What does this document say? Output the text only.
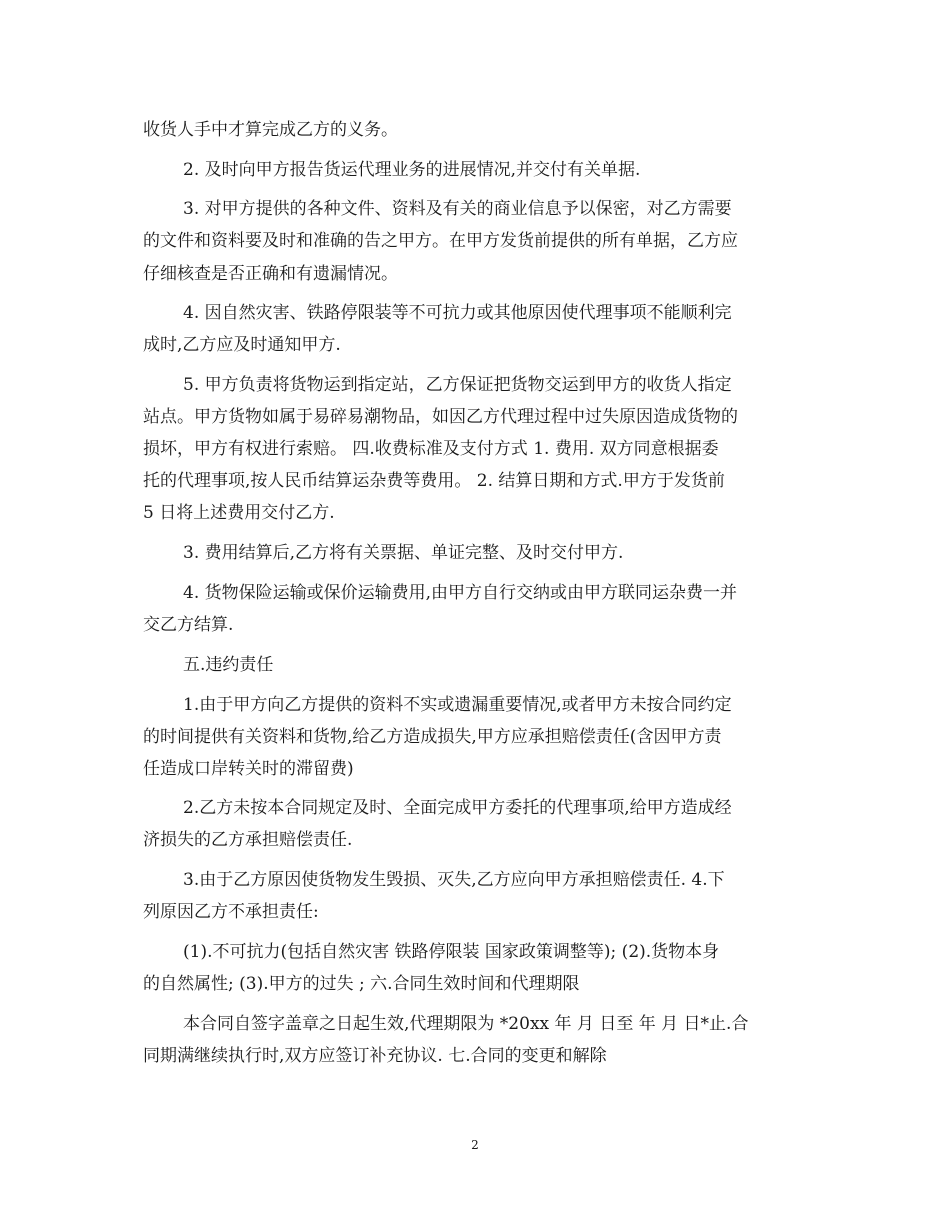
收货人手中才算完成乙方的义务。
2. 及时向甲方报告货运代理业务的进展情况,并交付有关单据.
3. 对甲方提供的各种文件、资料及有关的商业信息予以保密，对乙方需要
的文件和资料要及时和准确的告之甲方。在甲方发货前提供的所有单据，乙方应
仔细核查是否正确和有遗漏情况。
4. 因自然灾害、铁路停限装等不可抗力或其他原因使代理事项不能顺利完
成时,乙方应及时通知甲方.
5. 甲方负责将货物运到指定站，乙方保证把货物交运到甲方的收货人指定
站点。甲方货物如属于易碎易潮物品，如因乙方代理过程中过失原因造成货物的
损坏，甲方有权进行索赔。 四.收费标准及支付方式 1. 费用. 双方同意根据委
托的代理事项,按人民币结算运杂费等费用。 2. 结算日期和方式.甲方于发货前
5 日将上述费用交付乙方.
3. 费用结算后,乙方将有关票据、单证完整、及时交付甲方.
4. 货物保险运输或保价运输费用,由甲方自行交纳或由甲方联同运杂费一并
交乙方结算.
五.违约责任
1.由于甲方向乙方提供的资料不实或遗漏重要情况,或者甲方未按合同约定
的时间提供有关资料和货物,给乙方造成损失,甲方应承担赔偿责任(含因甲方责
任造成口岸转关时的滞留费)
2.乙方未按本合同规定及时、全面完成甲方委托的代理事项,给甲方造成经
济损失的乙方承担赔偿责任.
3.由于乙方原因使货物发生毁损、灭失,乙方应向甲方承担赔偿责任. 4.下
列原因乙方不承担责任:
(1).不可抗力(包括自然灾害 铁路停限装 国家政策调整等); (2).货物本身
的自然属性; (3).甲方的过失 ; 六.合同生效时间和代理期限
本合同自签字盖章之日起生效,代理期限为 *20xx 年 月 日至 年 月 日*止.合
同期满继续执行时,双方应签订补充协议. 七.合同的变更和解除
2
